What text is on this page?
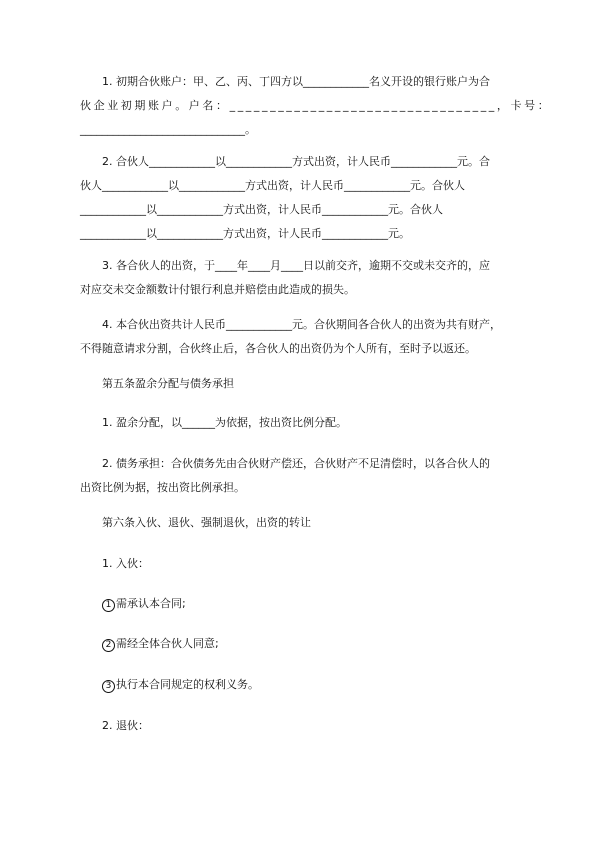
1. 初期合伙账户：甲、乙、丙、丁四方以____________名义开设的银行账户为合
伙企业初期账户。户名：_________________________________，卡号：
______________________________。
2. 合伙人____________以____________方式出资，计人民币____________元。合
伙人____________以____________方式出资，计人民币____________元。合伙人
____________以____________方式出资，计人民币____________元。合伙人
____________以____________方式出资，计人民币____________元。
3. 各合伙人的出资，于____年____月____日以前交齐，逾期不交或未交齐的，应
对应交未交金额数计付银行利息并赔偿由此造成的损失。
4. 本合伙出资共计人民币____________元。合伙期间各合伙人的出资为共有财产，
不得随意请求分割，合伙终止后，各合伙人的出资仍为个人所有，至时予以返还。
第五条盈余分配与债务承担
1. 盈余分配，以______为依据，按出资比例分配。
2. 债务承担：合伙债务先由合伙财产偿还，合伙财产不足清偿时，以各合伙人的
出资比例为据，按出资比例承担。
第六条入伙、退伙、强制退伙，出资的转让
1. 入伙：
1 需承认本合同;
2 需经全体合伙人同意;
3 执行本合同规定的权利义务。
2. 退伙：
